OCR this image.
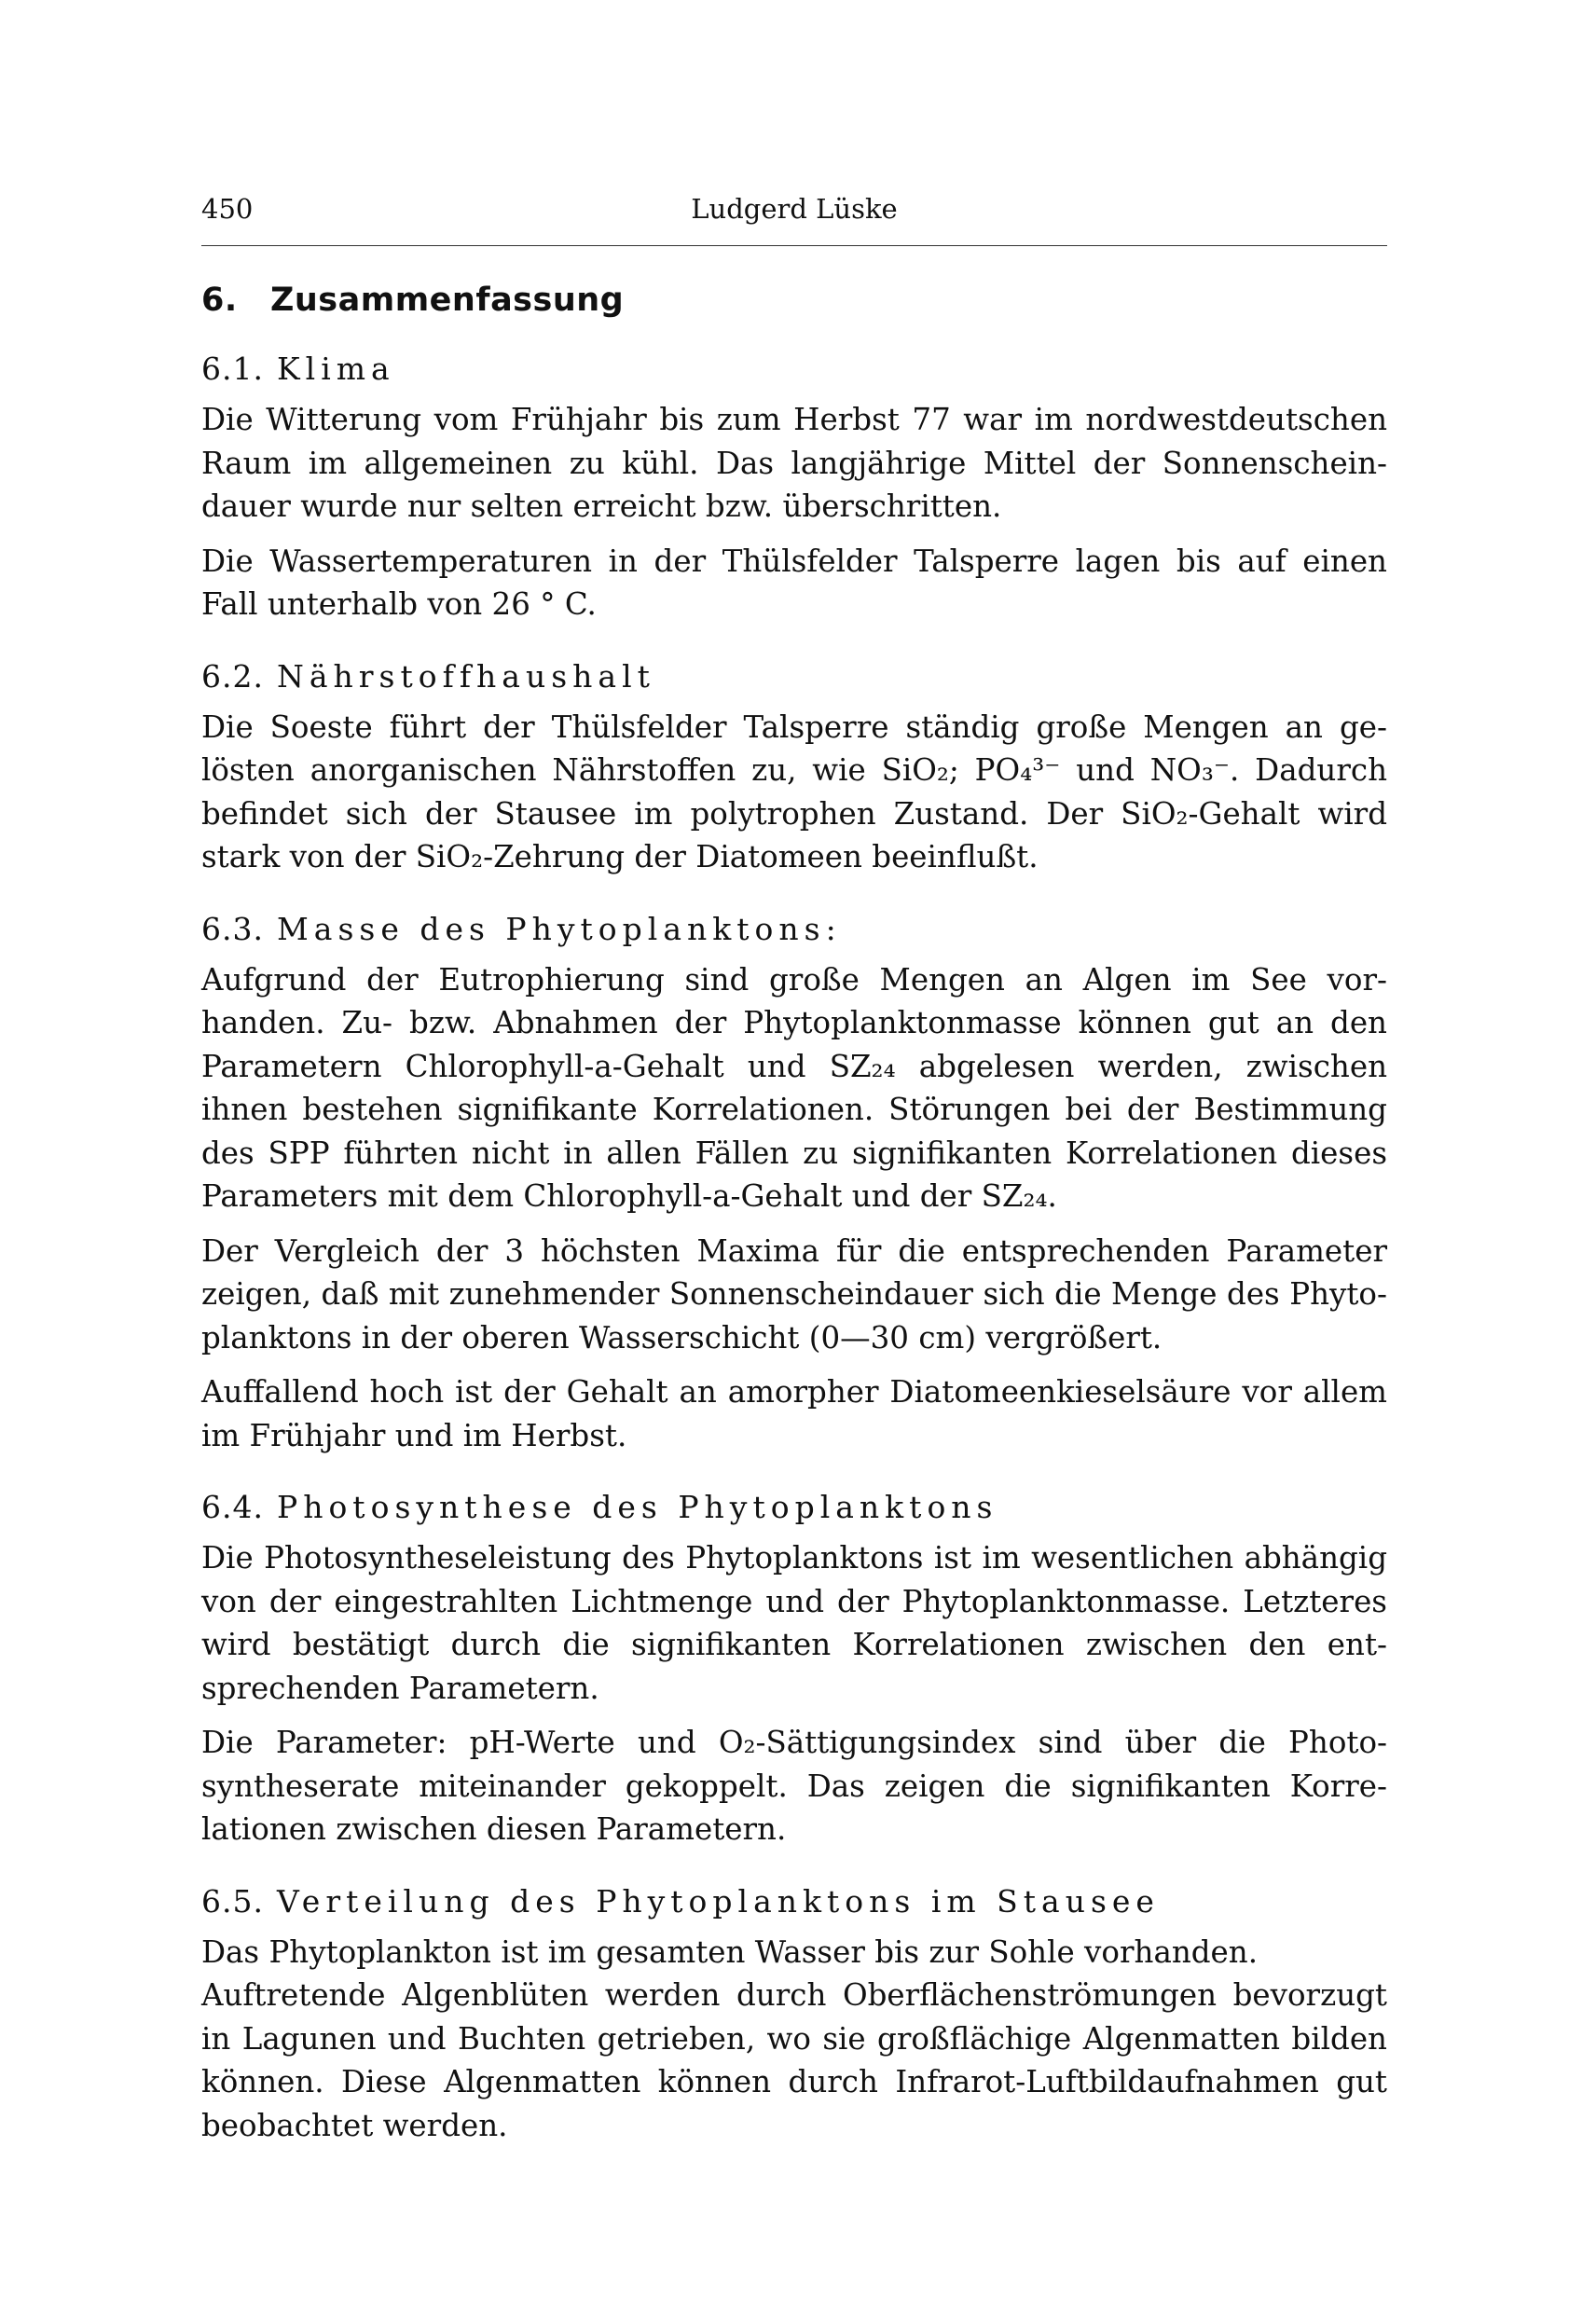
450	Ludgerd Lüske
6. Zusammenfassung
6.1. Klima

Die Witterung vom Frühjahr bis zum Herbst 77 war im nordwestdeutschen Raum im allgemeinen zu kühl. Das langjährige Mittel der Sonnenscheindauer wurde nur selten erreicht bzw. überschritten.

Die Wassertemperaturen in der Thülsfelder Talsperre lagen bis auf einen Fall unterhalb von 26 ° C.

6.2. Nährstoffhaushalt

Die Soeste führt der Thülsfelder Talsperre ständig große Mengen an gelösten anorganischen Nährstoffen zu, wie SiO₂; PO₄³⁻ und NO₃⁻. Dadurch befindet sich der Stausee im polytrophen Zustand. Der SiO₂-Gehalt wird stark von der SiO₂-Zehrung der Diatomeen beeinflußt.

6.3. Masse des Phytoplanktons:

Aufgrund der Eutrophierung sind große Mengen an Algen im See vorhanden. Zu- bzw. Abnahmen der Phytoplanktonmasse können gut an den Parametern Chlorophyll-a-Gehalt und SZ₂₄ abgelesen werden, zwischen ihnen bestehen signifikante Korrelationen. Störungen bei der Bestimmung des SPP führten nicht in allen Fällen zu signifikanten Korrelationen dieses Parameters mit dem Chlorophyll-a-Gehalt und der SZ₂₄.

Der Vergleich der 3 höchsten Maxima für die entsprechenden Parameter zeigen, daß mit zunehmender Sonnenscheindauer sich die Menge des Phytoplanktons in der oberen Wasserschicht (0—30 cm) vergrößert.

Auffallend hoch ist der Gehalt an amorpher Diatomeenkieselsäure vor allem im Frühjahr und im Herbst.

6.4. Photosynthese des Phytoplanktons

Die Photosyntheseleistung des Phytoplanktons ist im wesentlichen abhängig von der eingestrahlten Lichtmenge und der Phytoplanktonmasse. Letzteres wird bestätigt durch die signifikanten Korrelationen zwischen den entsprechenden Parametern.

Die Parameter: pH-Werte und O₂-Sättigungsindex sind über die Photosyntheserate miteinander gekoppelt. Das zeigen die signifikanten Korrelationen zwischen diesen Parametern.

6.5. Verteilung des Phytoplanktons im Stausee

Das Phytoplankton ist im gesamten Wasser bis zur Sohle vorhanden.

Auftretende Algenblüten werden durch Oberflächenströmungen bevorzugt in Lagunen und Buchten getrieben, wo sie großflächige Algenmatten bilden können. Diese Algenmatten können durch Infrarot-Luftbildaufnahmen gut beobachtet werden.
